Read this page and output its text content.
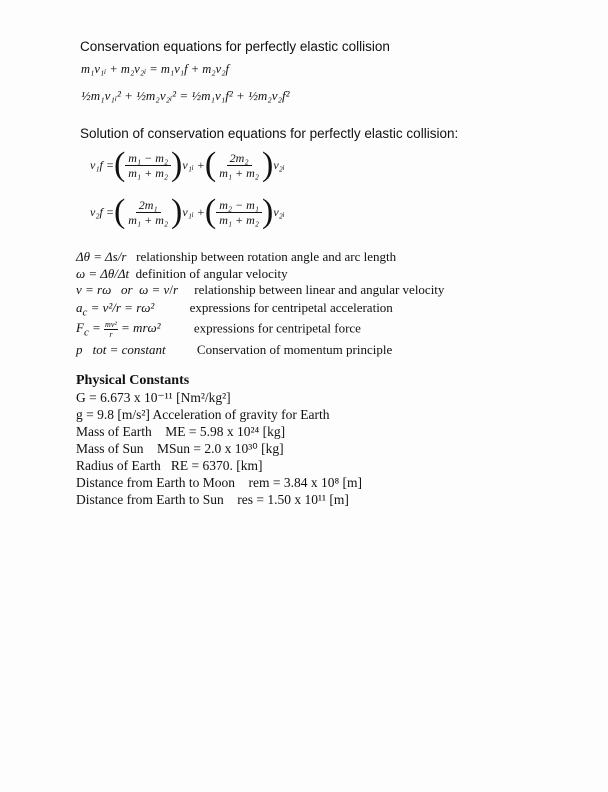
Conservation equations for perfectly elastic collision
m₁v₁ᵢ + m₂v₂ᵢ = m₁v₁f + m₂v₂f
½m₁v₁ᵢ² + ½m₂v₂ᵢ² = ½m₁v₁f² + ½m₂v₂f²
Solution of conservation equations for perfectly elastic collision:
v₁f = ( $\frac{\text{m₁ − m₂}}{\text{m₁ + m₂}}$ ) v₁ᵢ + ( $\frac{\text{2m₂}}{\text{m₁ + m₂}}$ ) v₂ᵢ
v₂f = ( $\frac{\text{2m₁}}{\text{m₁ + m₂}}$ ) v₁ᵢ + ( $\frac{\text{m₂ − m₁}}{\text{m₁ + m₂}}$ ) v₂ᵢ
Δθ = Δs/r relationship between rotation angle and arc length
ω = Δθ/Δt definition of angular velocity
v = rω   or  ω = v/r relationship between linear and angular velocity
$a_c = v^2/r = r\omega^2$	expressions for centripetal acceleration
$F_c = \frac{\text{mv²}}{r} = mr\omega^2$	expressions for centripetal force
p⃗tot = constant Conservation of momentum principle
Physical Constants
G = 6.673 x 10⁻¹¹ [Nm²/kg²]
g = 9.8 [m/s²] Acceleration of gravity for Earth
Mass of Earth    ME = 5.98 x 10²⁴ [kg]
Mass of Sun    MSun = 2.0 x 10³⁰ [kg]
Radius of Earth   RE = 6370. [km]
Distance from Earth to Moon    rem = 3.84 x 10⁸ [m]
Distance from Earth to Sun    res = 1.50 x 10¹¹ [m]
